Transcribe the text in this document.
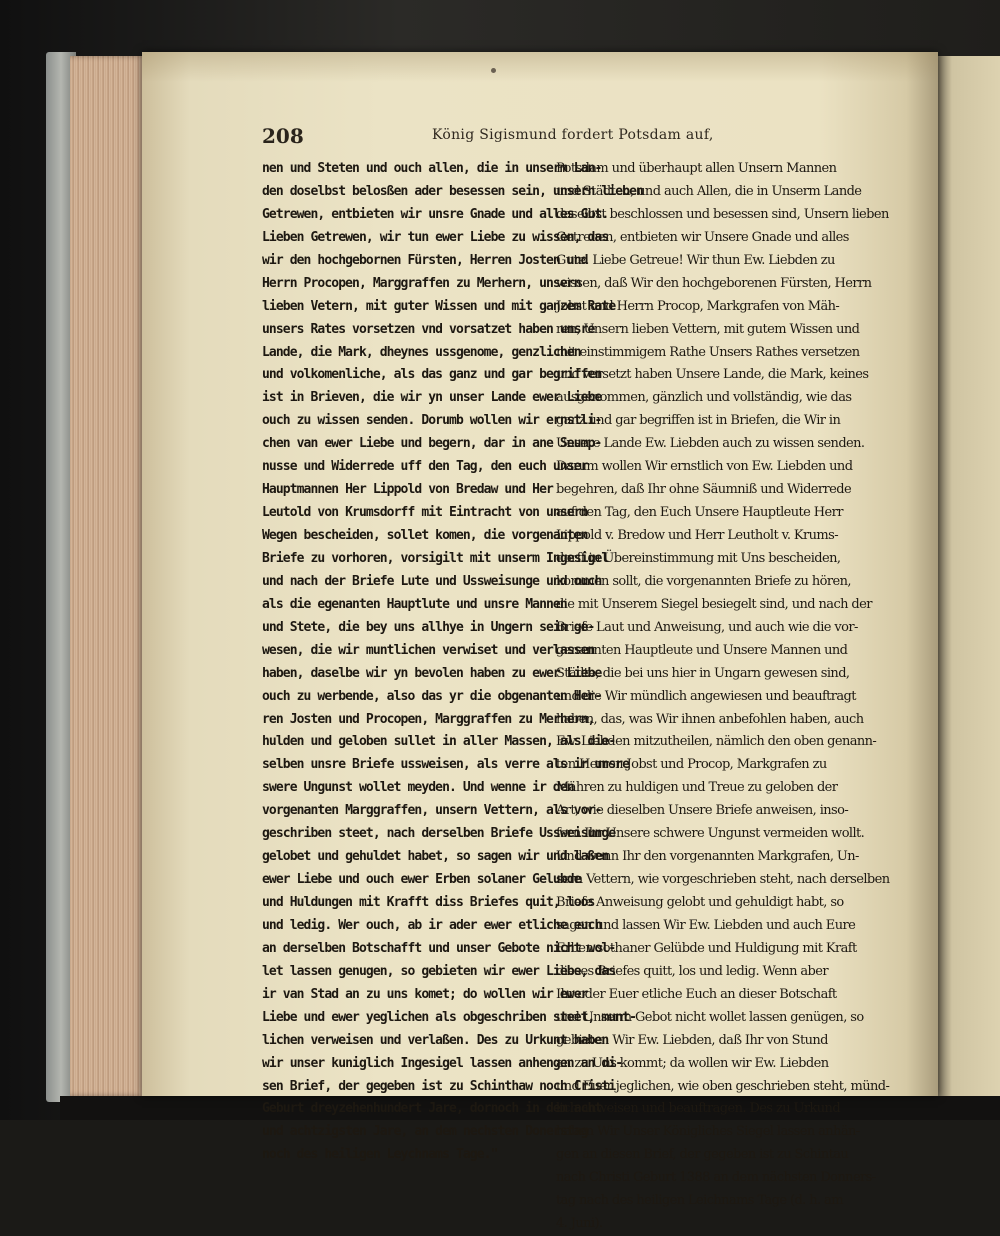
208	König Sigismund fordert Potsdam auf,
nen und Steten und ouch allen, die in unserm Lan-
den doselbst belosßen ader besessen sein, unsern lieben
Getrewen, entbieten wir unsre Gnade und alles Gut.
Lieben Getrewen, wir tun ewer Liebe zu wissen, das
wir den hochgebornen Fürsten, Herren Josten und
Herrn Procopen, Marggraffen zu Merhern, unsern
lieben Vetern, mit guter Wissen und mit ganzem Rate
unsers Rates vorsetzen vnd vorsatzet haben unsre
Lande, die Mark, dheynes ussgenome, genzlichen
und volkomenliche, als das ganz und gar begriffen
ist in Brieven, die wir yn unser Lande ewer Liebe
ouch zu wissen senden. Dorumb wollen wir ernstli-
chen van ewer Liebe und begern, dar in ane Seump-
nusse und Widerrede uff den Tag, den euch unser
Hauptmannen Her Lippold von Bredaw und Her
Leutold von Krumsdorff mit Eintracht von unsern
Wegen bescheiden, sollet komen, die vorgenanten
Briefe zu vorhoren, vorsigilt mit unserm Ingesigel
und nach der Briefe Lute und Ussweisunge und ouch
als die egenanten Hauptlute und unsre Mannen
und Stete, die bey uns allhye in Ungern sein ge-
wesen, die wir muntlichen verwiset und verlassen
haben, daselbe wir yn bevolen haben zu ewer Liebe
ouch zu werbende, also das yr die obgenanten Her-
ren Josten und Procopen, Marggraffen zu Merhern,
hulden und geloben sullet in aller Massen, als die-
selben unsre Briefe ussweisen, als verre als ir unsre
swere Ungunst wollet meyden. Und wenne ir den
vorgenanten Marggraffen, unsern Vettern, als vor-
geschriben steet, nach derselben Briefe Ussweisunge
gelobet und gehuldet habet, so sagen wir und laßen
ewer Liebe und ouch ewer Erben solaner Gelubde
und Huldungen mit Krafft diss Briefes quit, loos
und ledig. Wer ouch, ab ir ader ewer etliche euch
an derselben Botschafft und unser Gebote nicht wol-
let lassen genugen, so gebieten wir ewer Liebe, das
ir van Stad an zu uns komet; do wollen wir ewer
Liebe und ewer yeglichen als obgeschriben steet, munt-
lichen verweisen und verlaßen. Des zu Urkunt haben
wir unser kuniglich Ingesigel lassen anhengen an di-
sen Brief, der gegeben ist zu Schinthaw noch Cristi
Geburt dreyzehenhundert Jare, dornoch in dem acht
und achtzigsten Jare, an dem nechsten Donerstag
noch des heiligen Leychnams Tage."
Potsdam und überhaupt allen Unsern Mannen
und Städten, und auch Allen, die in Unserm Lande
daselbst beschlossen und besessen sind, Unsern lieben
Getreuen, entbieten wir Unsere Gnade und alles
Gute. Liebe Getreue! Wir thun Ew. Liebden zu
wissen, daß Wir den hochgeborenen Fürsten, Herrn
Jobst und Herrn Procop, Markgrafen von Mäh-
ren, Unsern lieben Vettern, mit gutem Wissen und
mit einstimmigem Rathe Unsers Rathes versetzen
und versetzt haben Unsere Lande, die Mark, keines
ausgenommen, gänzlich und vollständig, wie das
ganz und gar begriffen ist in Briefen, die Wir in
Unsere Lande Ew. Liebden auch zu wissen senden.
Darum wollen Wir ernstlich von Ew. Liebden und
begehren, daß Ihr ohne Säumniß und Widerrede
auf den Tag, den Euch Unsere Hauptleute Herr
Lippold v. Bredow und Herr Leutholt v. Krums-
dorff in Übereinstimmung mit Uns bescheiden,
kommen sollt, die vorgenannten Briefe zu hören,
die mit Unserem Siegel besiegelt sind, und nach der
Briefe Laut und Anweisung, und auch wie die vor-
genannten Hauptleute und Unsere Mannen und
Städte, die bei uns hier in Ungarn gewesen sind,
und die Wir mündlich angewiesen und beauftragt
haben, das, was Wir ihnen anbefohlen haben, auch
Ew. Liebden mitzutheilen, nämlich den oben genann-
ten Herren Jobst und Procop, Markgrafen zu
Mähren zu huldigen und Treue zu geloben der
Art, wie dieselben Unsere Briefe anweisen, inso-
fern Ihr Unsere schwere Ungunst vermeiden wollt.
Und wenn Ihr den vorgenannten Markgrafen, Un-
sern Vettern, wie vorgeschrieben steht, nach derselben
Briefe Anweisung gelobt und gehuldigt habt, so
sagen und lassen Wir Ew. Liebden und auch Eure
Erben sothaner Gelübde und Huldigung mit Kraft
dieses Briefes quitt, los und ledig. Wenn aber
Ihr oder Euer etliche Euch an dieser Botschaft
und Unserm Gebot nicht wollet lassen genügen, so
gebieten Wir Ew. Liebden, daß Ihr von Stund
an zu Uns kommt; da wollen wir Ew. Liebden
und Euer jeglichen, wie oben geschrieben steht, münd-
lich anweisen und beauftragen. Des zu Urkund
haben Wir Unser Königliches Siegel lassen anhän-
gen an diesen Brief, der gegeben ist zu Schintau
nach Christi Geburt 1388 an dem nächsten Donners-
tag nach des heiligen Leichnams Tage (d. h. am
4. Juni).
